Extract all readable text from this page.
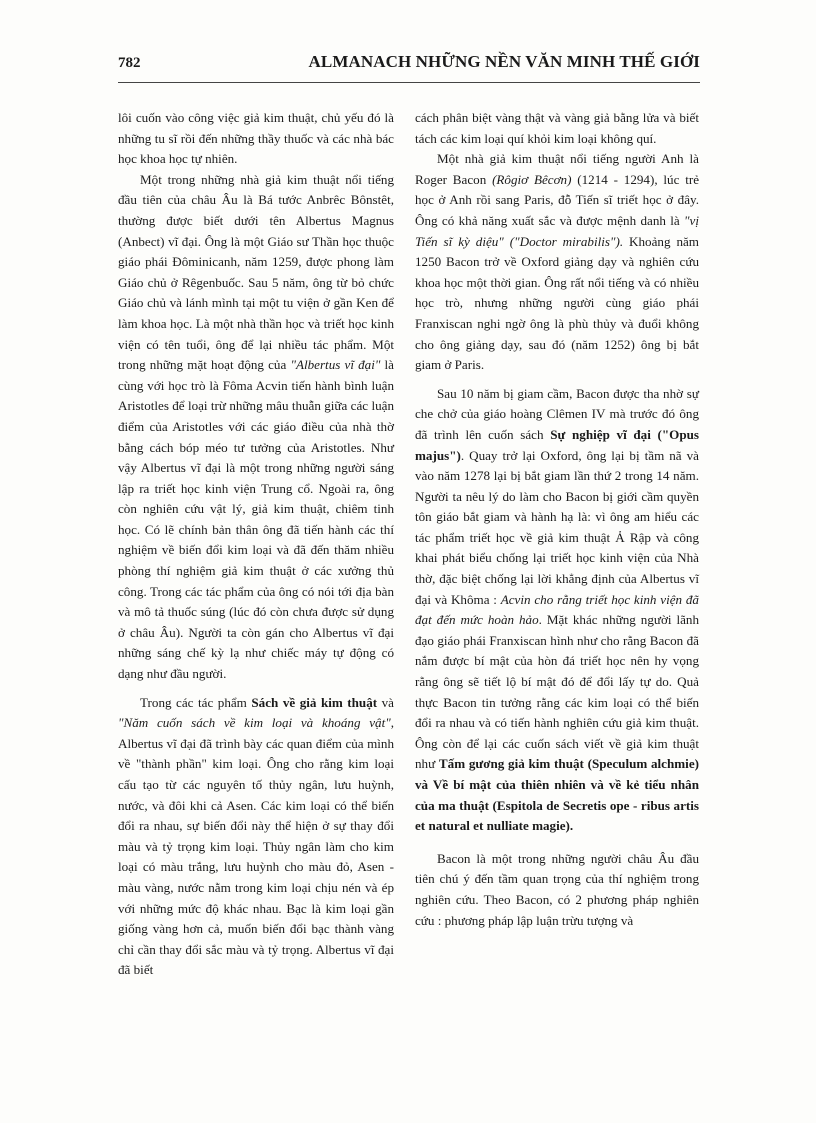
782	ALMANACH NHỮNG NỀN VĂN MINH THẾ GIỚI

lôi cuốn vào công việc giả kim thuật, chủ yếu đó là những tu sĩ rồi đến những thầy thuốc và các nhà bác học khoa học tự nhiên.

Một trong những nhà giả kim thuật nổi tiếng đầu tiên của châu Âu là Bá tước Anbrêc Bônstêt, thường được biết dưới tên Albertus Magnus (Anbect) vĩ đại. Ông là một Giáo sư Thần học thuộc giáo phái Đôminicanh, năm 1259, được phong làm Giáo chủ ở Rêgenbuốc. Sau 5 năm, ông từ bỏ chức Giáo chủ và lánh mình tại một tu viện ở gần Ken để làm khoa học. Là một nhà thần học và triết học kinh viện có tên tuổi, ông để lại nhiều tác phẩm. Một trong những mặt hoạt động của "Albertus vĩ đại" là cùng với học trò là Fôma Acvin tiến hành bình luận Aristotles để loại trừ những mâu thuẫn giữa các luận điểm của Aristotles với các giáo điều của nhà thờ bằng cách bóp méo tư tưởng của Aristotles. Như vậy Albertus vĩ đại là một trong những người sáng lập ra triết học kinh viện Trung cổ. Ngoài ra, ông còn nghiên cứu vật lý, giả kim thuật, chiêm tinh học. Có lẽ chính bản thân ông đã tiến hành các thí nghiệm về biến đổi kim loại và đã đến thăm nhiều phòng thí nghiệm giả kim thuật ở các xưởng thủ công. Trong các tác phẩm của ông có nói tới địa bàn và mô tả thuốc súng (lúc đó còn chưa được sử dụng ở châu Âu). Người ta còn gán cho Albertus vĩ đại những sáng chế kỳ lạ như chiếc máy tự động có dạng như đầu người.

Trong các tác phẩm Sách về giả kim thuật và "Năm cuốn sách về kim loại và khoáng vật", Albertus vĩ đại đã trình bày các quan điểm của mình về "thành phần" kim loại. Ông cho rằng kim loại cấu tạo từ các nguyên tố thủy ngân, lưu huỳnh, nước, và đôi khi cả Asen. Các kim loại có thể biến đổi ra nhau, sự biến đổi này thể hiện ở sự thay đổi màu và tỷ trọng kim loại. Thủy ngân làm cho kim loại có màu trắng, lưu huỳnh cho màu đỏ, Asen - màu vàng, nước nằm trong kim loại chịu nén và ép với những mức độ khác nhau. Bạc là kim loại gần giống vàng hơn cả, muốn biến đổi bạc thành vàng chỉ cần thay đổi sắc màu và tỷ trọng. Albertus vĩ đại đã biết

cách phân biệt vàng thật và vàng giả bằng lửa và biết tách các kim loại quí khỏi kim loại không quí.

Một nhà giả kim thuật nổi tiếng người Anh là Roger Bacon (Rôgiơ Bêcơn) (1214 - 1294), lúc trẻ học ở Anh rồi sang Paris, đỗ Tiến sĩ triết học ở đây. Ông có khả năng xuất sắc và được mệnh danh là "vị Tiến sĩ kỳ diệu" ("Doctor mirabilis"). Khoảng năm 1250 Bacon trở về Oxford giảng dạy và nghiên cứu khoa học một thời gian. Ông rất nổi tiếng và có nhiều học trò, nhưng những người cùng giáo phái Franxiscan nghi ngờ ông là phù thủy và đuổi không cho ông giảng dạy, sau đó (năm 1252) ông bị bắt giam ở Paris.

Sau 10 năm bị giam cầm, Bacon được tha nhờ sự che chở của giáo hoàng Clêmen IV mà trước đó ông đã trình lên cuốn sách Sự nghiệp vĩ đại ("Opus majus"). Quay trở lại Oxford, ông lại bị tầm nã và vào năm 1278 lại bị bắt giam lần thứ 2 trong 14 năm. Người ta nêu lý do làm cho Bacon bị giới cầm quyền tôn giáo bắt giam và hành hạ là: vì ông am hiểu các tác phẩm triết học về giả kim thuật Ả Rập và công khai phát biểu chống lại triết học kinh viện của Nhà thờ, đặc biệt chống lại lời khẳng định của Albertus vĩ đại và Khôma : Acvin cho rằng triết học kinh viện đã đạt đến mức hoàn hảo. Mặt khác những người lãnh đạo giáo phái Franxiscan hình như cho rằng Bacon đã nắm được bí mật của hòn đá triết học nên hy vọng rằng ông sẽ tiết lộ bí mật đó để đổi lấy tự do. Quả thực Bacon tin tưởng rằng các kim loại có thể biến đổi ra nhau và có tiến hành nghiên cứu giả kim thuật. Ông còn để lại các cuốn sách viết về giả kim thuật như Tấm gương giả kim thuật (Speculum alchmie) và Về bí mật của thiên nhiên và về kẻ tiểu nhân của ma thuật (Espitola de Secretis ope - ribus artis et natural et nulliate magie).

Bacon là một trong những người châu Âu đầu tiên chú ý đến tầm quan trọng của thí nghiệm trong nghiên cứu. Theo Bacon, có 2 phương pháp nghiên cứu : phương pháp lập luận trừu tượng và
